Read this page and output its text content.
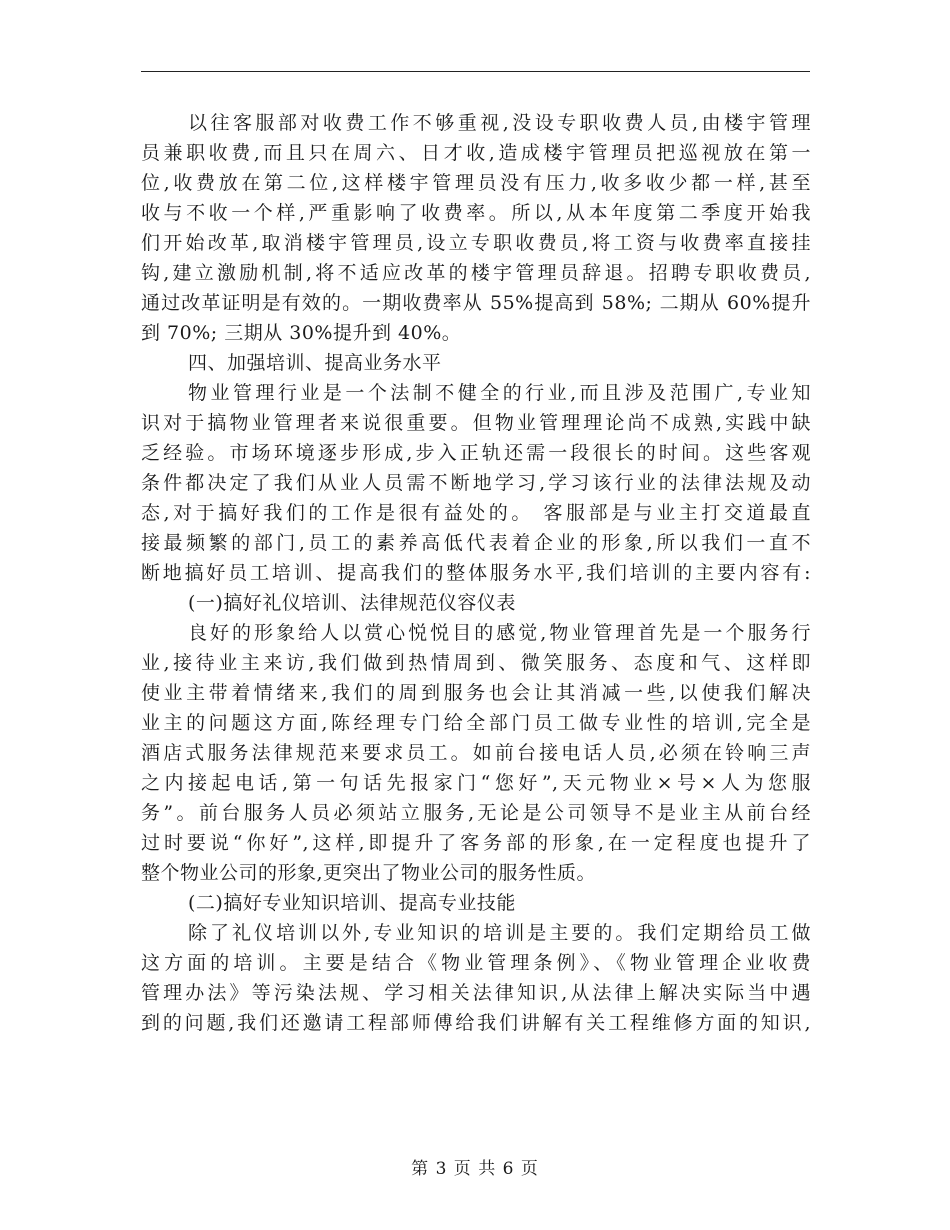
以往客服部对收费工作不够重视,没设专职收费人员,由楼宇管理
员兼职收费,而且只在周六、日才收,造成楼宇管理员把巡视放在第一
位,收费放在第二位,这样楼宇管理员没有压力,收多收少都一样,甚至
收与不收一个样,严重影响了收费率。所以,从本年度第二季度开始我
们开始改革,取消楼宇管理员,设立专职收费员,将工资与收费率直接挂
钩,建立激励机制,将不适应改革的楼宇管理员辞退。招聘专职收费员,
通过改革证明是有效的。一期收费率从 55%提高到 58%; 二期从 60%提升
到 70%; 三期从 30%提升到 40%。
四、加强培训、提高业务水平
物业管理行业是一个法制不健全的行业,而且涉及范围广,专业知
识对于搞物业管理者来说很重要。但物业管理理论尚不成熟,实践中缺
乏经验。市场环境逐步形成,步入正轨还需一段很长的时间。这些客观
条件都决定了我们从业人员需不断地学习,学习该行业的法律法规及动
态,对于搞好我们的工作是很有益处的。 客服部是与业主打交道最直
接最频繁的部门,员工的素养高低代表着企业的形象,所以我们一直不
断地搞好员工培训、提高我们的整体服务水平,我们培训的主要内容有:
(一)搞好礼仪培训、法律规范仪容仪表
良好的形象给人以赏心悦悦目的感觉,物业管理首先是一个服务行
业,接待业主来访,我们做到热情周到、微笑服务、态度和气、这样即
使业主带着情绪来,我们的周到服务也会让其消减一些,以使我们解决
业主的问题这方面,陈经理专门给全部门员工做专业性的培训,完全是
酒店式服务法律规范来要求员工。如前台接电话人员,必须在铃响三声
之内接起电话,第一句话先报家门“您好”,天元物业×号×人为您服
务”。前台服务人员必须站立服务,无论是公司领导不是业主从前台经
过时要说“你好”,这样,即提升了客务部的形象,在一定程度也提升了
整个物业公司的形象,更突出了物业公司的服务性质。
(二)搞好专业知识培训、提高专业技能
除了礼仪培训以外,专业知识的培训是主要的。我们定期给员工做
这方面的培训。主要是结合《物业管理条例》、《物业管理企业收费
管理办法》等污染法规、学习相关法律知识,从法律上解决实际当中遇
到的问题,我们还邀请工程部师傅给我们讲解有关工程维修方面的知识,
第 3 页 共 6 页
